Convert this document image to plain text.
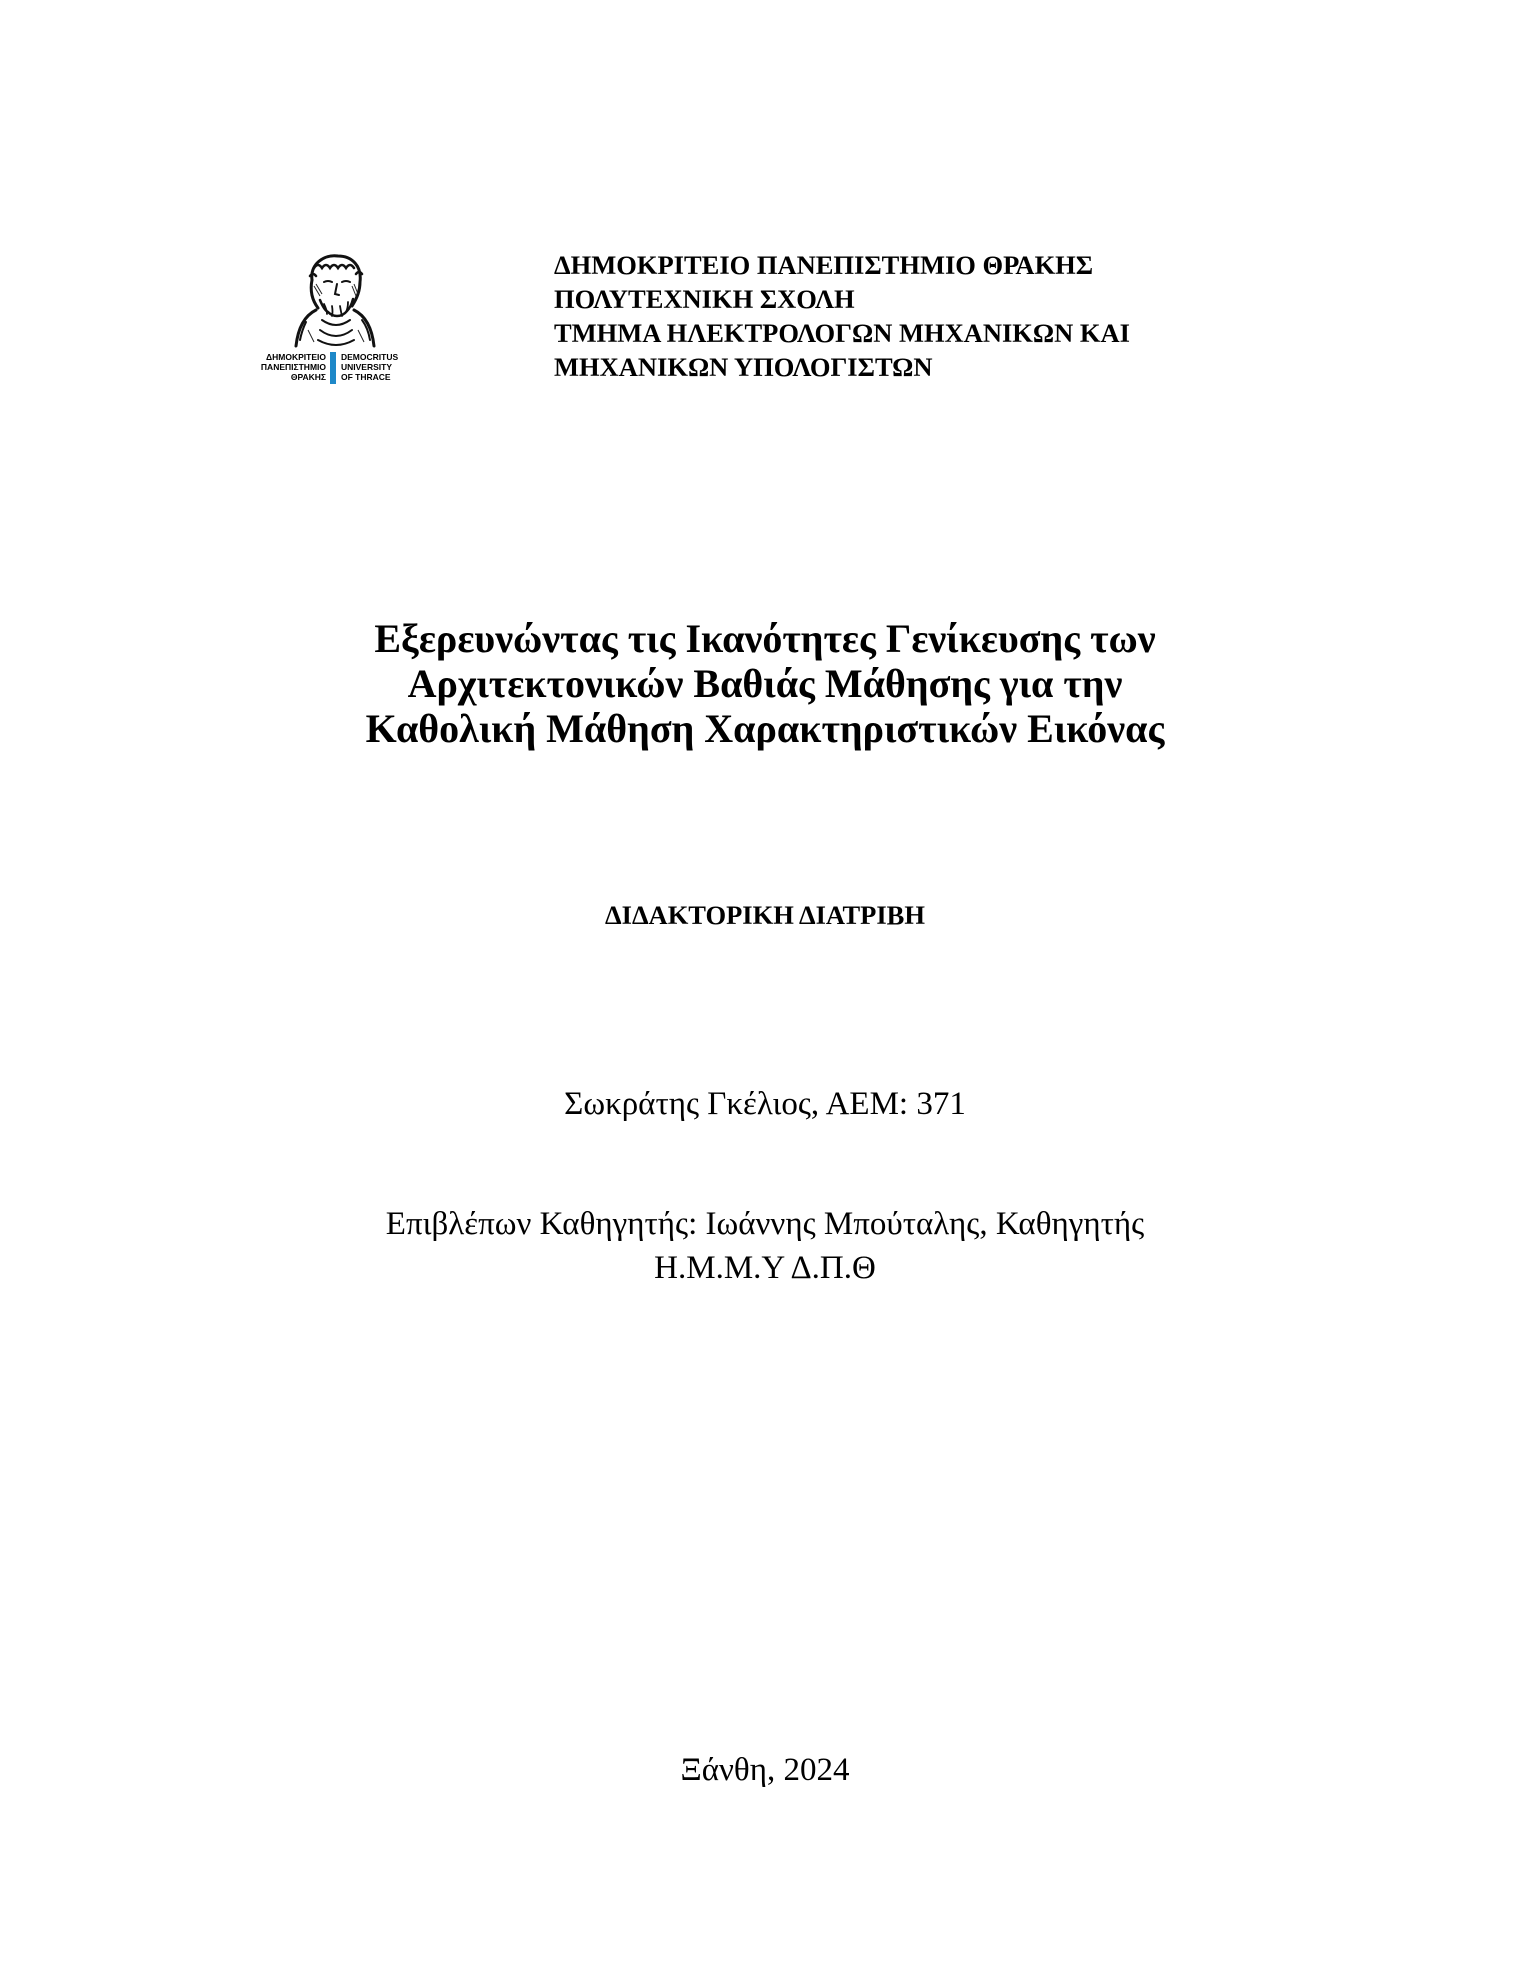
ΔΗΜΟΚΡΙΤΕΙΟ
ΠΑΝΕΠΙΣΤΗΜΙΟ
ΘΡΑΚΗΣ
DEMOCRITUS
UNIVERSITY
OF THRACE
ΔΗΜΟΚΡΙΤΕΙΟ ΠΑΝΕΠΙΣΤΗΜΙΟ ΘΡΑΚΗΣ
ΠΟΛΥΤΕΧΝΙΚΗ ΣΧΟΛΗ
ΤΜΗΜΑ ΗΛΕΚΤΡΟΛΟΓΩΝ ΜΗΧΑΝΙΚΩΝ ΚΑΙ
ΜΗΧΑΝΙΚΩΝ ΥΠΟΛΟΓΙΣΤΩΝ
Εξερευνώντας τις Ικανότητες Γενίκευσης των
Αρχιτεκτονικών Βαθιάς Μάθησης για την
Καθολική Μάθηση Χαρακτηριστικών Εικόνας
ΔΙΔΑΚΤΟΡΙΚΗ ΔΙΑΤΡΙΒΗ
Σωκράτης Γκέλιος, ΑΕΜ: 371
Επιβλέπων Καθηγητής: Ιωάννης Μπούταλης, Καθηγητής
Η.Μ.Μ.Υ Δ.Π.Θ
Ξάνθη, 2024
